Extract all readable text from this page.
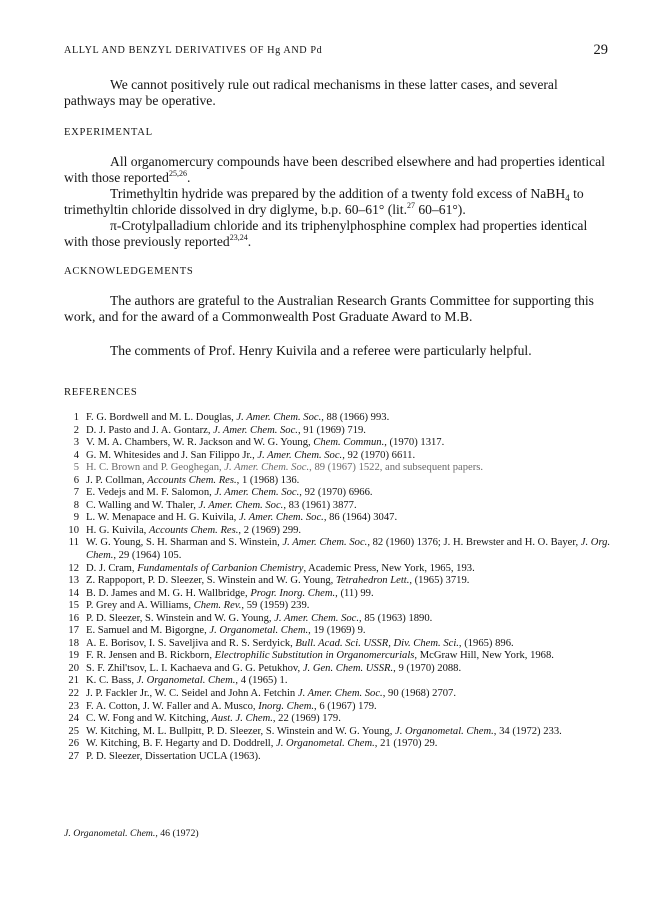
ALLYL AND BENZYL DERIVATIVES OF Hg AND Pd	29

We cannot positively rule out radical mechanisms in these latter cases, and several pathways may be operative.

EXPERIMENTAL

All organomercury compounds have been described elsewhere and had properties identical with those reported$^{25,26}$.

Trimethyltin hydride was prepared by the addition of a twenty fold excess of NaBH$_4$ to trimethyltin chloride dissolved in dry diglyme, b.p. 60–61° (lit.$^{27}$ 60–61°).

π-Crotylpalladium chloride and its triphenylphosphine complex had properties identical with those previously reported$^{23,24}$.

ACKNOWLEDGEMENTS

The authors are grateful to the Australian Research Grants Committee for supporting this work, and for the award of a Commonwealth Post Graduate Award to M.B.

The comments of Prof. Henry Kuivila and a referee were particularly helpful.

REFERENCES

1 F. G. Bordwell and M. L. Douglas, J. Amer. Chem. Soc., 88 (1966) 993.
2 D. J. Pasto and J. A. Gontarz, J. Amer. Chem. Soc., 91 (1969) 719.
3 V. M. A. Chambers, W. R. Jackson and W. G. Young, Chem. Commun., (1970) 1317.
4 G. M. Whitesides and J. San Filippo Jr., J. Amer. Chem. Soc., 92 (1970) 6611.
5 H. C. Brown and P. Geoghegan, J. Amer. Chem. Soc., 89 (1967) 1522, and subsequent papers.
6 J. P. Collman, Accounts Chem. Res., 1 (1968) 136.
7 E. Vedejs and M. F. Salomon, J. Amer. Chem. Soc., 92 (1970) 6966.
8 C. Walling and W. Thaler, J. Amer. Chem. Soc., 83 (1961) 3877.
9 L. W. Menapace and H. G. Kuivila, J. Amer. Chem. Soc., 86 (1964) 3047.
10 H. G. Kuivila, Accounts Chem. Res., 2 (1969) 299.
11 W. G. Young, S. H. Sharman and S. Winstein, J. Amer. Chem. Soc., 82 (1960) 1376; J. H. Brewster and H. O. Bayer, J. Org. Chem., 29 (1964) 105.
12 D. J. Cram, Fundamentals of Carbanion Chemistry, Academic Press, New York, 1965, 193.
13 Z. Rappoport, P. D. Sleezer, S. Winstein and W. G. Young, Tetrahedron Lett., (1965) 3719.
14 B. D. James and M. G. H. Wallbridge, Progr. Inorg. Chem., (11) 99.
15 P. Grey and A. Williams, Chem. Rev., 59 (1959) 239.
16 P. D. Sleezer, S. Winstein and W. G. Young, J. Amer. Chem. Soc., 85 (1963) 1890.
17 E. Samuel and M. Bigorgne, J. Organometal. Chem., 19 (1969) 9.
18 A. E. Borisov, I. S. Saveljiva and R. S. Serdyick, Bull. Acad. Sci. USSR, Div. Chem. Sci., (1965) 896.
19 F. R. Jensen and B. Rickborn, Electrophilic Substitution in Organomercurials, McGraw Hill, New York, 1968.
20 S. F. Zhil'tsov, L. I. Kachaeva and G. G. Petukhov, J. Gen. Chem. USSR., 9 (1970) 2088.
21 K. C. Bass, J. Organometal. Chem., 4 (1965) 1.
22 J. P. Fackler Jr., W. C. Seidel and John A. Fetchin J. Amer. Chem. Soc., 90 (1968) 2707.
23 F. A. Cotton, J. W. Faller and A. Musco, Inorg. Chem., 6 (1967) 179.
24 C. W. Fong and W. Kitching, Aust. J. Chem., 22 (1969) 179.
25 W. Kitching, M. L. Bullpitt, P. D. Sleezer, S. Winstein and W. G. Young, J. Organometal. Chem., 34 (1972) 233.
26 W. Kitching, B. F. Hegarty and D. Doddrell, J. Organometal. Chem., 21 (1970) 29.
27 P. D. Sleezer, Dissertation UCLA (1963).
J. Organometal. Chem., 46 (1972)
